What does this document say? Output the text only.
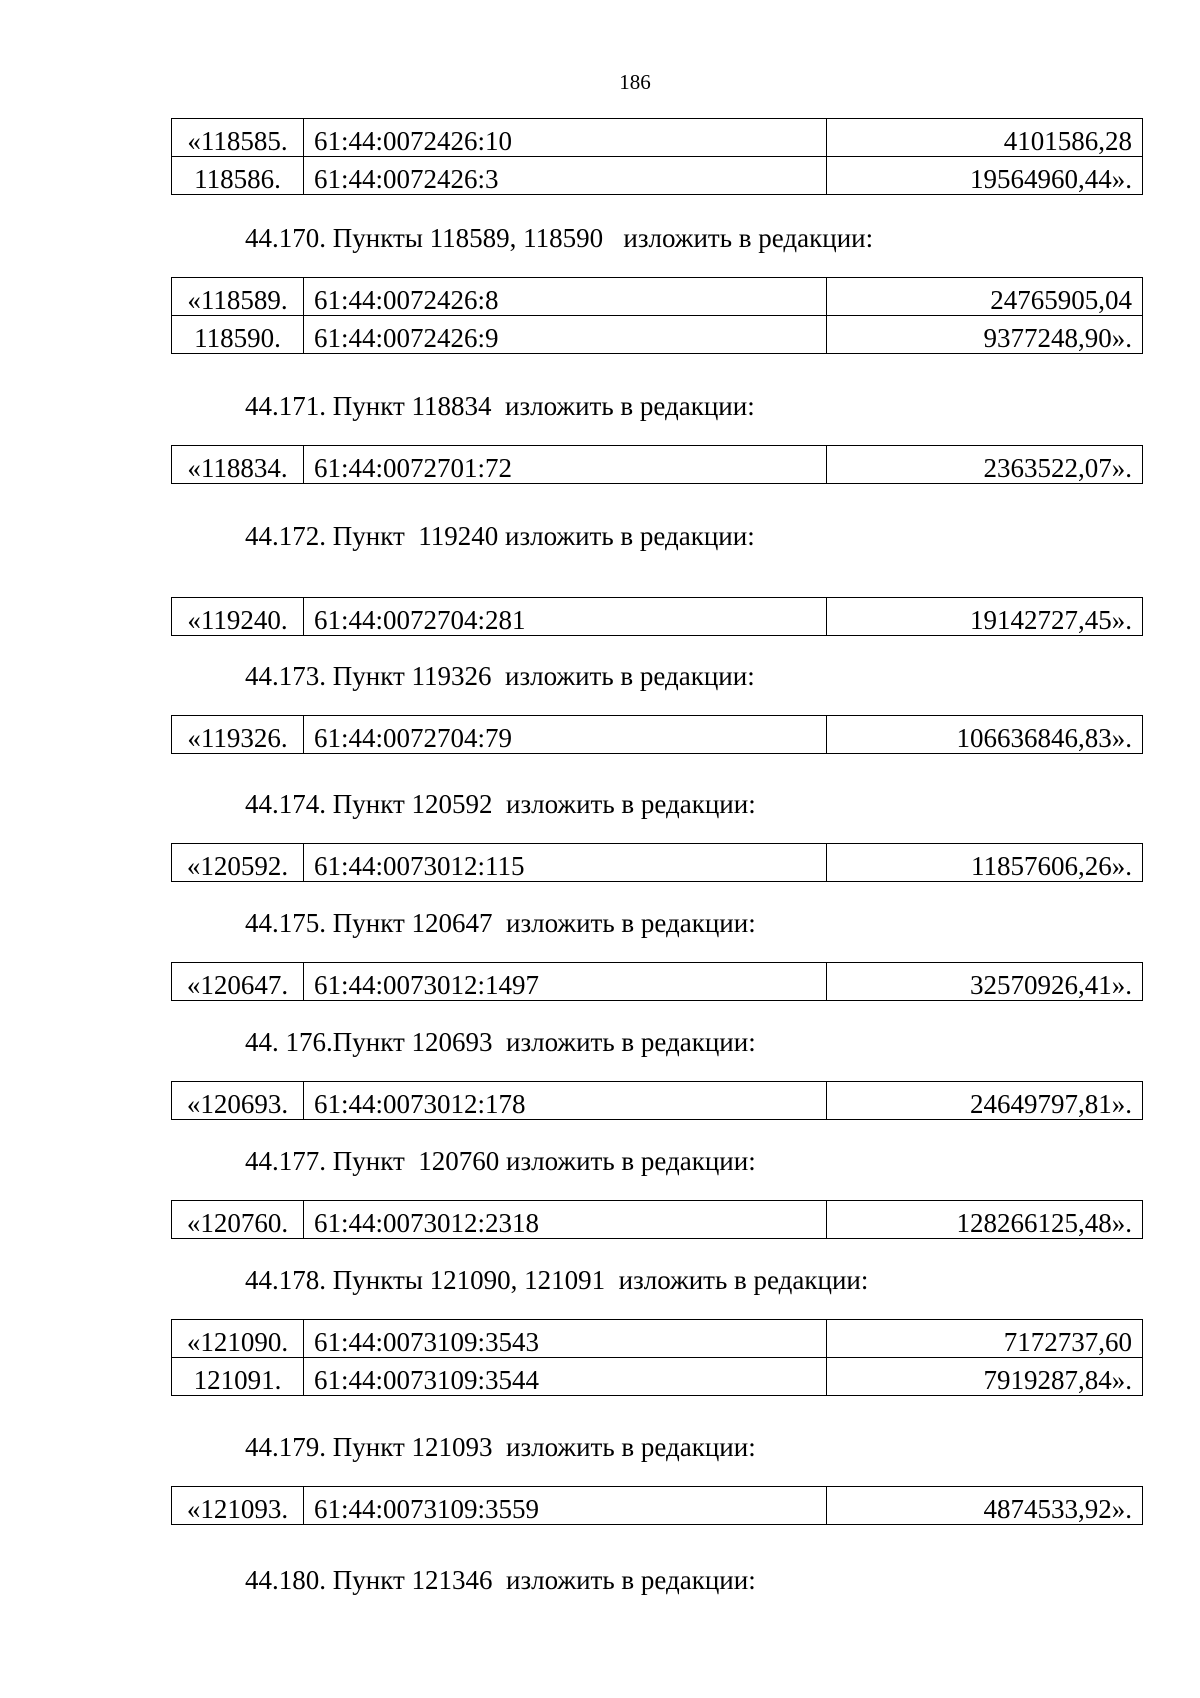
186
«118585.	61:44:0072426:10	4101586,28
118586.	61:44:0072426:3	19564960,44».
44.170. Пункты 118589, 118590   изложить в редакции:
«118589.	61:44:0072426:8	24765905,04
118590.	61:44:0072426:9	9377248,90».
44.171. Пункт 118834  изложить в редакции:
«118834.	61:44:0072701:72	2363522,07».
44.172. Пункт  119240 изложить в редакции:
«119240.	61:44:0072704:281	19142727,45».
44.173. Пункт 119326  изложить в редакции:
«119326.	61:44:0072704:79	106636846,83».
44.174. Пункт 120592  изложить в редакции:
«120592.	61:44:0073012:115	11857606,26».
44.175. Пункт 120647  изложить в редакции:
«120647.	61:44:0073012:1497	32570926,41».
44. 176.Пункт 120693  изложить в редакции:
«120693.	61:44:0073012:178	24649797,81».
44.177. Пункт  120760 изложить в редакции:
«120760.	61:44:0073012:2318	128266125,48».
44.178. Пункты 121090, 121091  изложить в редакции:
«121090.	61:44:0073109:3543	7172737,60
121091.	61:44:0073109:3544	7919287,84».
44.179. Пункт 121093  изложить в редакции:
«121093.	61:44:0073109:3559	4874533,92».
44.180. Пункт 121346  изложить в редакции:
